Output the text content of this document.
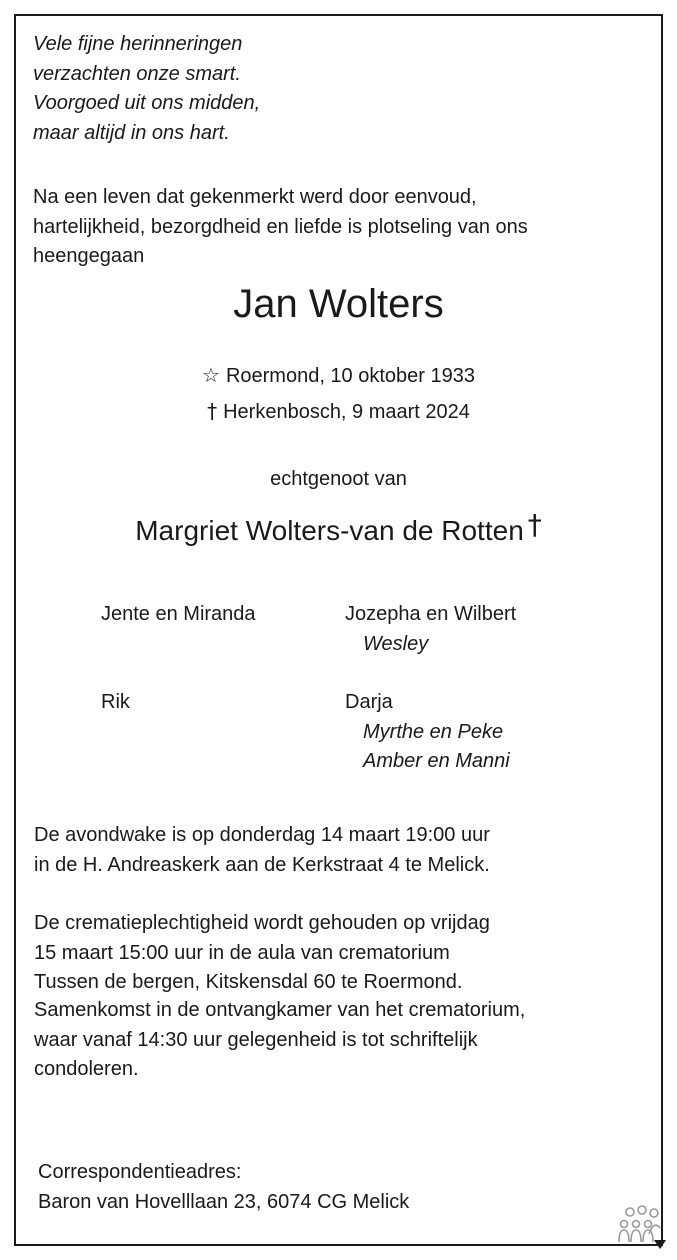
Vele fijne herinneringen
verzachten onze smart.
Voorgoed uit ons midden,
maar altijd in ons hart.
Na een leven dat gekenmerkt werd door eenvoud,
hartelijkheid, bezorgdheid en liefde is plotseling van ons
heengegaan
Jan Wolters
☆ Roermond, 10 oktober 1933
† Herkenbosch, 9 maart 2024
echtgenoot van
Margriet Wolters-van de Rotten †
Jente en Miranda	Jozepha en Wilbert
Wesley
Rik	Darja
Myrthe en Peke
Amber en Manni
De avondwake is op donderdag 14 maart 19:00 uur
in de H. Andreaskerk aan de Kerkstraat 4 te Melick.
De crematieplechtigheid wordt gehouden op vrijdag
15 maart 15:00 uur in de aula van crematorium
Tussen de bergen, Kitskensdal 60 te Roermond.
Samenkomst in de ontvangkamer van het crematorium,
waar vanaf 14:30 uur gelegenheid is tot schriftelijk
condoleren.
Correspondentieadres:
Baron van Hovelllaan 23, 6074 CG Melick
